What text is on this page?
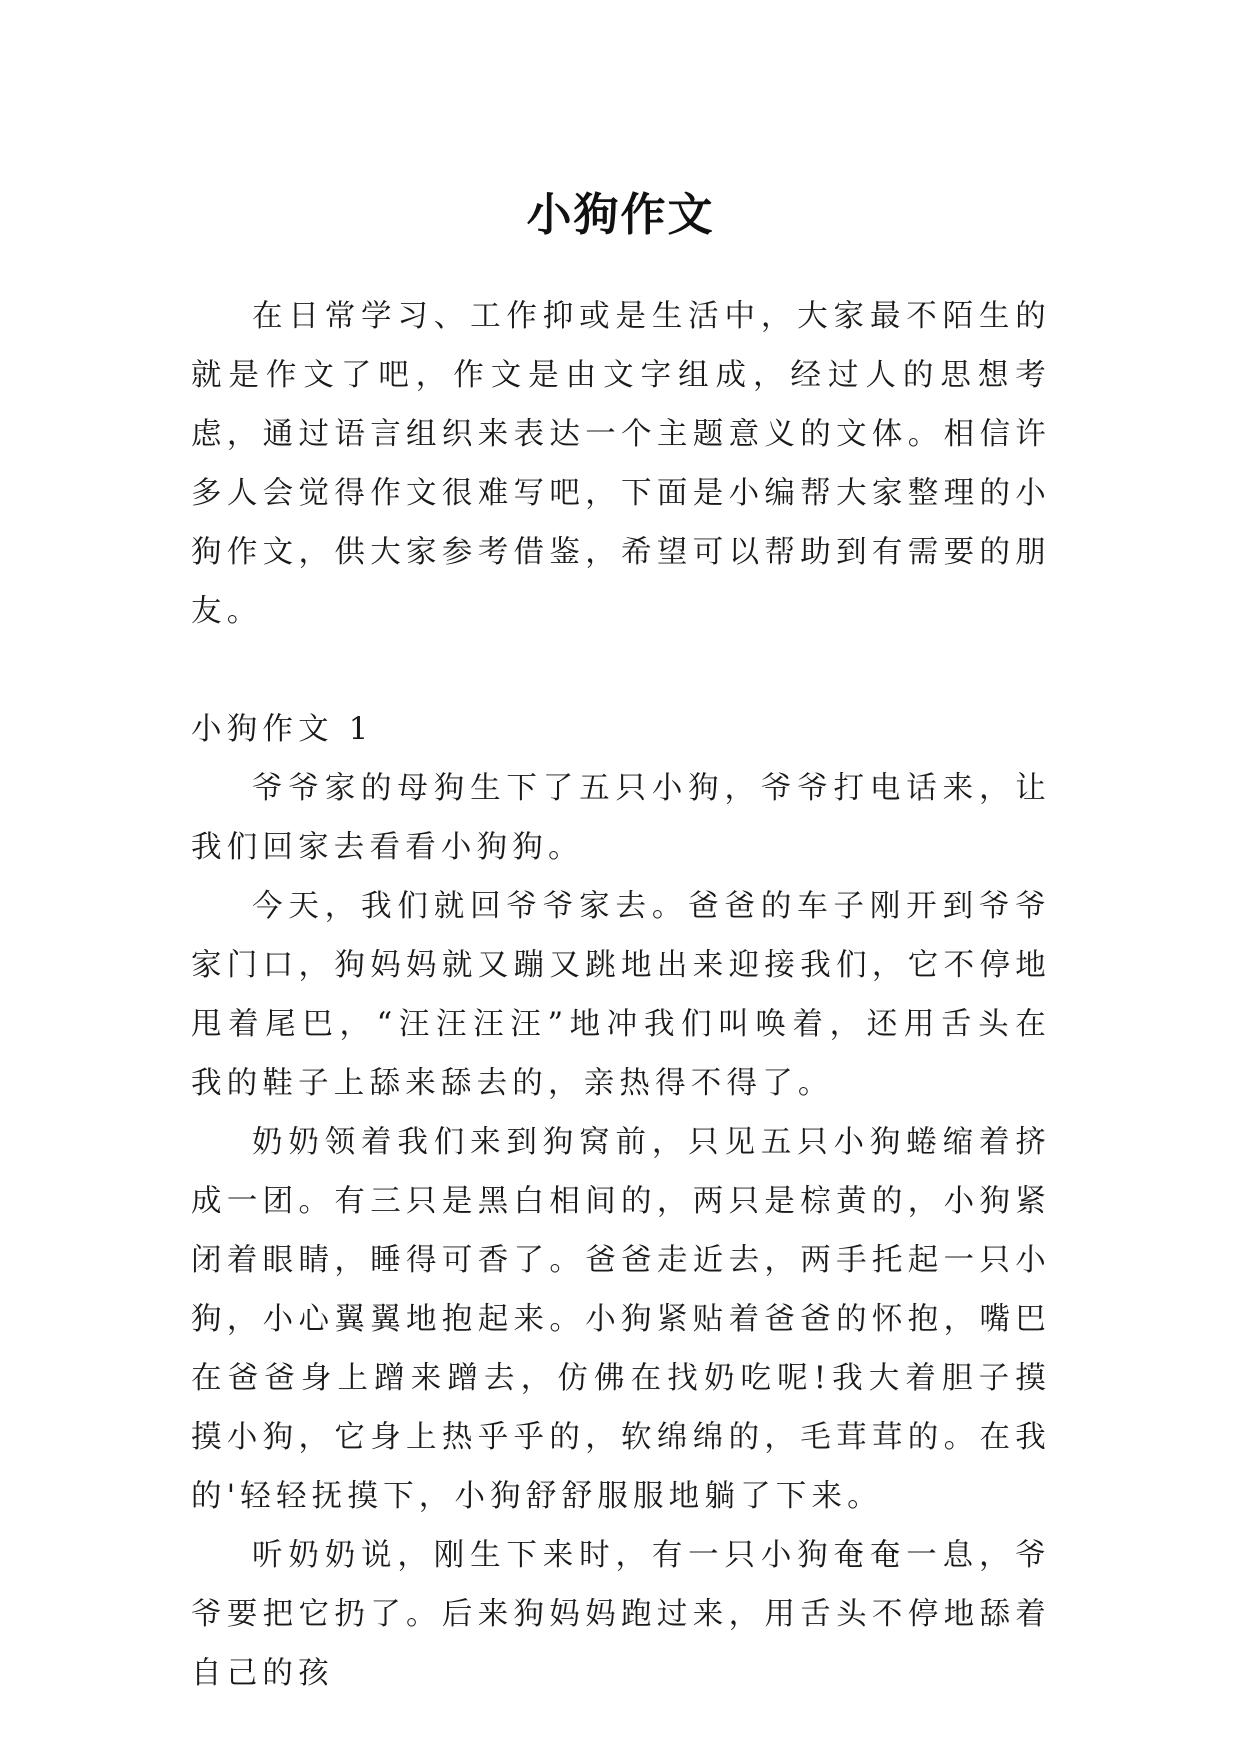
小狗作文

在日常学习、工作抑或是生活中，大家最不陌生的就是作文了吧，作文是由文字组成，经过人的思想考虑，通过语言组织来表达一个主题意义的文体。相信许多人会觉得作文很难写吧，下面是小编帮大家整理的小狗作文，供大家参考借鉴，希望可以帮助到有需要的朋友。

小狗作文 1

爷爷家的母狗生下了五只小狗，爷爷打电话来，让我们回家去看看小狗狗。

今天，我们就回爷爷家去。爸爸的车子刚开到爷爷家门口，狗妈妈就又蹦又跳地出来迎接我们，它不停地甩着尾巴，“汪汪汪汪”地冲我们叫唤着，还用舌头在我的鞋子上舔来舔去的，亲热得不得了。

奶奶领着我们来到狗窝前，只见五只小狗蜷缩着挤成一团。有三只是黑白相间的，两只是棕黄的，小狗紧闭着眼睛，睡得可香了。爸爸走近去，两手托起一只小狗，小心翼翼地抱起来。小狗紧贴着爸爸的怀抱，嘴巴在爸爸身上蹭来蹭去，仿佛在找奶吃呢!我大着胆子摸摸小狗，它身上热乎乎的，软绵绵的，毛茸茸的。在我的'轻轻抚摸下，小狗舒舒服服地躺了下来。

听奶奶说，刚生下来时，有一只小狗奄奄一息，爷爷要把它扔了。后来狗妈妈跑过来，用舌头不停地舔着自己的孩
